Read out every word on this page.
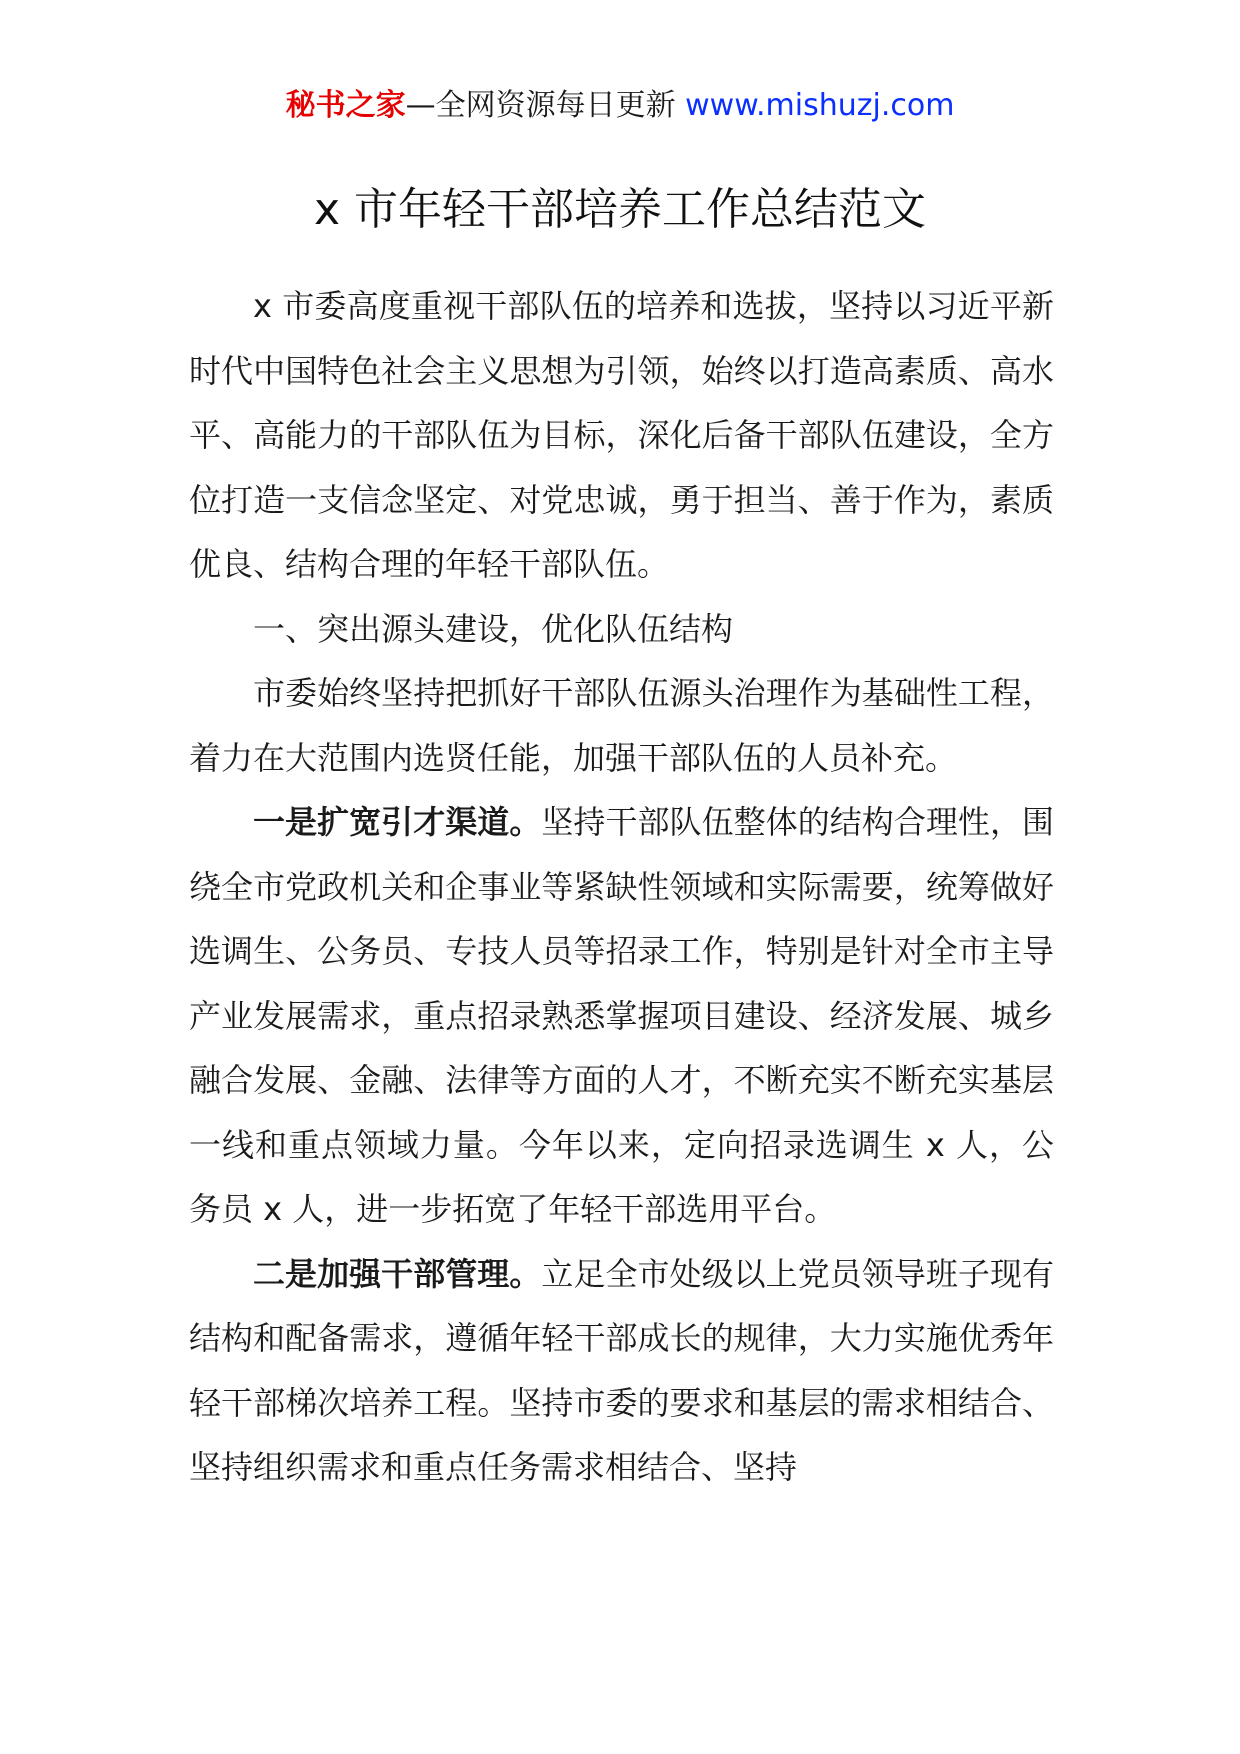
秘书之家—全网资源每日更新 www.mishuzj.com
x 市年轻干部培养工作总结范文

x 市委高度重视干部队伍的培养和选拔，坚持以习近平新时代中国特色社会主义思想为引领，始终以打造高素质、高水平、高能力的干部队伍为目标，深化后备干部队伍建设，全方位打造一支信念坚定、对党忠诚，勇于担当、善于作为，素质优良、结构合理的年轻干部队伍。

一、突出源头建设，优化队伍结构

市委始终坚持把抓好干部队伍源头治理作为基础性工程，着力在大范围内选贤任能，加强干部队伍的人员补充。

一是扩宽引才渠道。坚持干部队伍整体的结构合理性，围绕全市党政机关和企事业等紧缺性领域和实际需要，统筹做好选调生、公务员、专技人员等招录工作，特别是针对全市主导产业发展需求，重点招录熟悉掌握项目建设、经济发展、城乡融合发展、金融、法律等方面的人才，不断充实不断充实基层一线和重点领域力量。今年以来，定向招录选调生 x 人，公务员 x 人，进一步拓宽了年轻干部选用平台。

二是加强干部管理。立足全市处级以上党员领导班子现有结构和配备需求，遵循年轻干部成长的规律，大力实施优秀年轻干部梯次培养工程。坚持市委的要求和基层的需求相结合、坚持组织需求和重点任务需求相结合、坚持
